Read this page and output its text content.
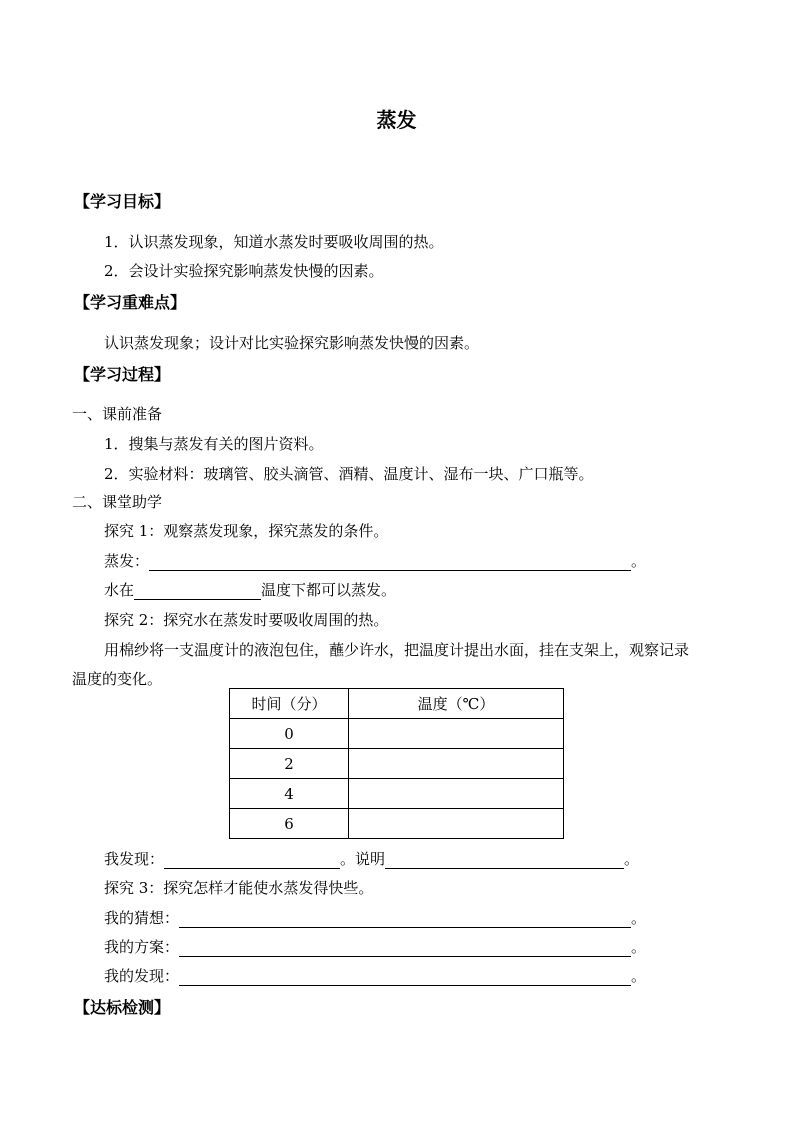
蒸发
【学习目标】
1．认识蒸发现象，知道水蒸发时要吸收周围的热。
2．会设计实验探究影响蒸发快慢的因素。
【学习重难点】
认识蒸发现象；设计对比实验探究影响蒸发快慢的因素。
【学习过程】
一、课前准备
1．搜集与蒸发有关的图片资料。
2．实验材料：玻璃管、胶头滴管、酒精、温度计、湿布一块、广口瓶等。
二、课堂助学
探究 1：观察蒸发现象，探究蒸发的条件。
蒸发：	。
水在	温度下都可以蒸发。
探究 2：探究水在蒸发时要吸收周围的热。
用棉纱将一支温度计的液泡包住，蘸少许水，把温度计提出水面，挂在支架上，观察记录
温度的变化。
时间（分）	温度（℃）
0	
2	
4	
6	
我发现：	。说明	。
探究 3：探究怎样才能使水蒸发得快些。
我的猜想：	。
我的方案：	。
我的发现：	。
【达标检测】
